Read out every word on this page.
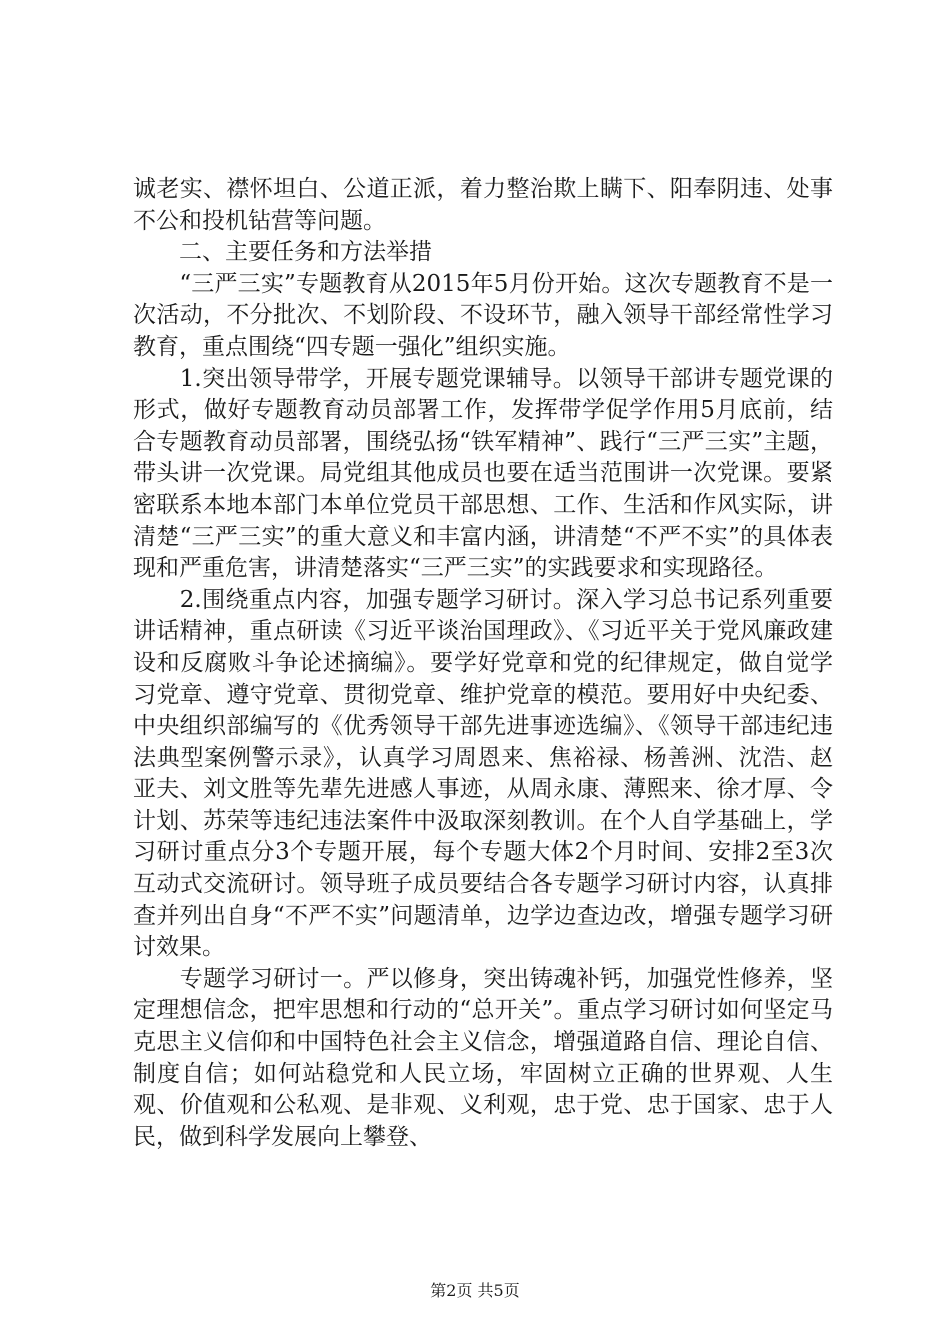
诚老实、襟怀坦白、公道正派，着力整治欺上瞒下、阳奉阴违、处事不公和投机钻营等问题。

　　二、主要任务和方法举措

　　“三严三实”专题教育从2015年5月份开始。这次专题教育不是一次活动，不分批次、不划阶段、不设环节，融入领导干部经常性学习教育，重点围绕“四专题一强化”组织实施。

　　1.突出领导带学，开展专题党课辅导。以领导干部讲专题党课的形式，做好专题教育动员部署工作，发挥带学促学作用5月底前，结合专题教育动员部署，围绕弘扬“铁军精神”、践行“三严三实”主题，带头讲一次党课。局党组其他成员也要在适当范围讲一次党课。要紧密联系本地本部门本单位党员干部思想、工作、生活和作风实际，讲清楚“三严三实”的重大意义和丰富内涵，讲清楚“不严不实”的具体表现和严重危害，讲清楚落实“三严三实”的实践要求和实现路径。

　　2.围绕重点内容，加强专题学习研讨。深入学习总书记系列重要讲话精神，重点研读《习近平谈治国理政》、《习近平关于党风廉政建设和反腐败斗争论述摘编》。要学好党章和党的纪律规定，做自觉学习党章、遵守党章、贯彻党章、维护党章的模范。要用好中央纪委、中央组织部编写的《优秀领导干部先进事迹选编》、《领导干部违纪违法典型案例警示录》，认真学习周恩来、焦裕禄、杨善洲、沈浩、赵亚夫、刘文胜等先辈先进感人事迹，从周永康、薄熙来、徐才厚、令计划、苏荣等违纪违法案件中汲取深刻教训。在个人自学基础上，学习研讨重点分3个专题开展，每个专题大体2个月时间、安排2至3次互动式交流研讨。领导班子成员要结合各专题学习研讨内容，认真排查并列出自身“不严不实”问题清单，边学边查边改，增强专题学习研讨效果。

　　专题学习研讨一。严以修身，突出铸魂补钙，加强党性修养，坚定理想信念，把牢思想和行动的“总开关”。重点学习研讨如何坚定马克思主义信仰和中国特色社会主义信念，增强道路自信、理论自信、制度自信；如何站稳党和人民立场，牢固树立正确的世界观、人生观、价值观和公私观、是非观、义利观，忠于党、忠于国家、忠于人民，做到科学发展向上攀登、

第2页 共5页
